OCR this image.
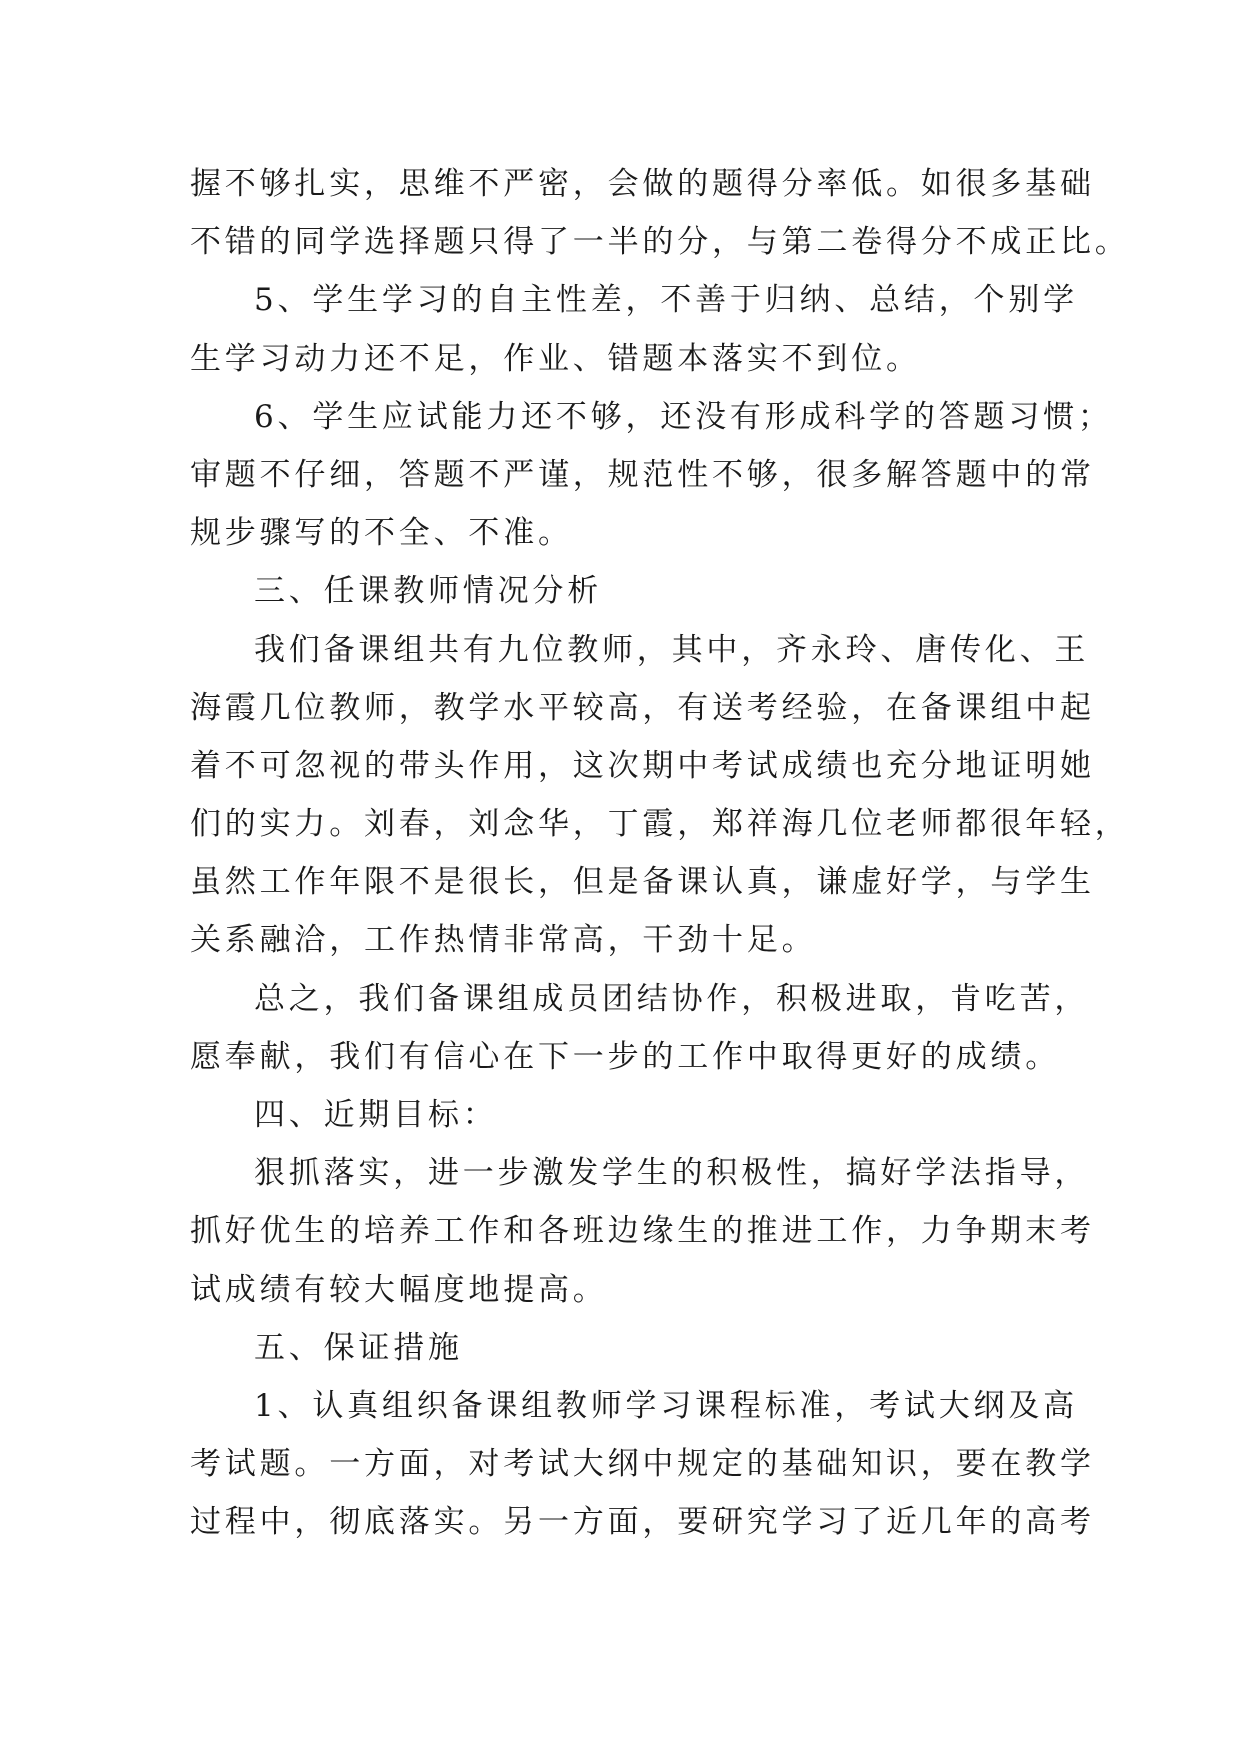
握不够扎实，思维不严密，会做的题得分率低。如很多基础
不错的同学选择题只得了一半的分，与第二卷得分不成正比。
5、学生学习的自主性差，不善于归纳、总结，个别学
生学习动力还不足，作业、错题本落实不到位。
6、学生应试能力还不够，还没有形成科学的答题习惯；
审题不仔细，答题不严谨，规范性不够，很多解答题中的常
规步骤写的不全、不准。
三、任课教师情况分析
我们备课组共有九位教师，其中，齐永玲、唐传化、王
海霞几位教师，教学水平较高，有送考经验，在备课组中起
着不可忽视的带头作用，这次期中考试成绩也充分地证明她
们的实力。刘春，刘念华，丁霞，郑祥海几位老师都很年轻，
虽然工作年限不是很长，但是备课认真，谦虚好学，与学生
关系融洽，工作热情非常高，干劲十足。
总之，我们备课组成员团结协作，积极进取，肯吃苦，
愿奉献，我们有信心在下一步的工作中取得更好的成绩。
四、近期目标：
狠抓落实，进一步激发学生的积极性，搞好学法指导，
抓好优生的培养工作和各班边缘生的推进工作，力争期末考
试成绩有较大幅度地提高。
五、保证措施
1、认真组织备课组教师学习课程标准，考试大纲及高
考试题。一方面，对考试大纲中规定的基础知识，要在教学
过程中，彻底落实。另一方面，要研究学习了近几年的高考
